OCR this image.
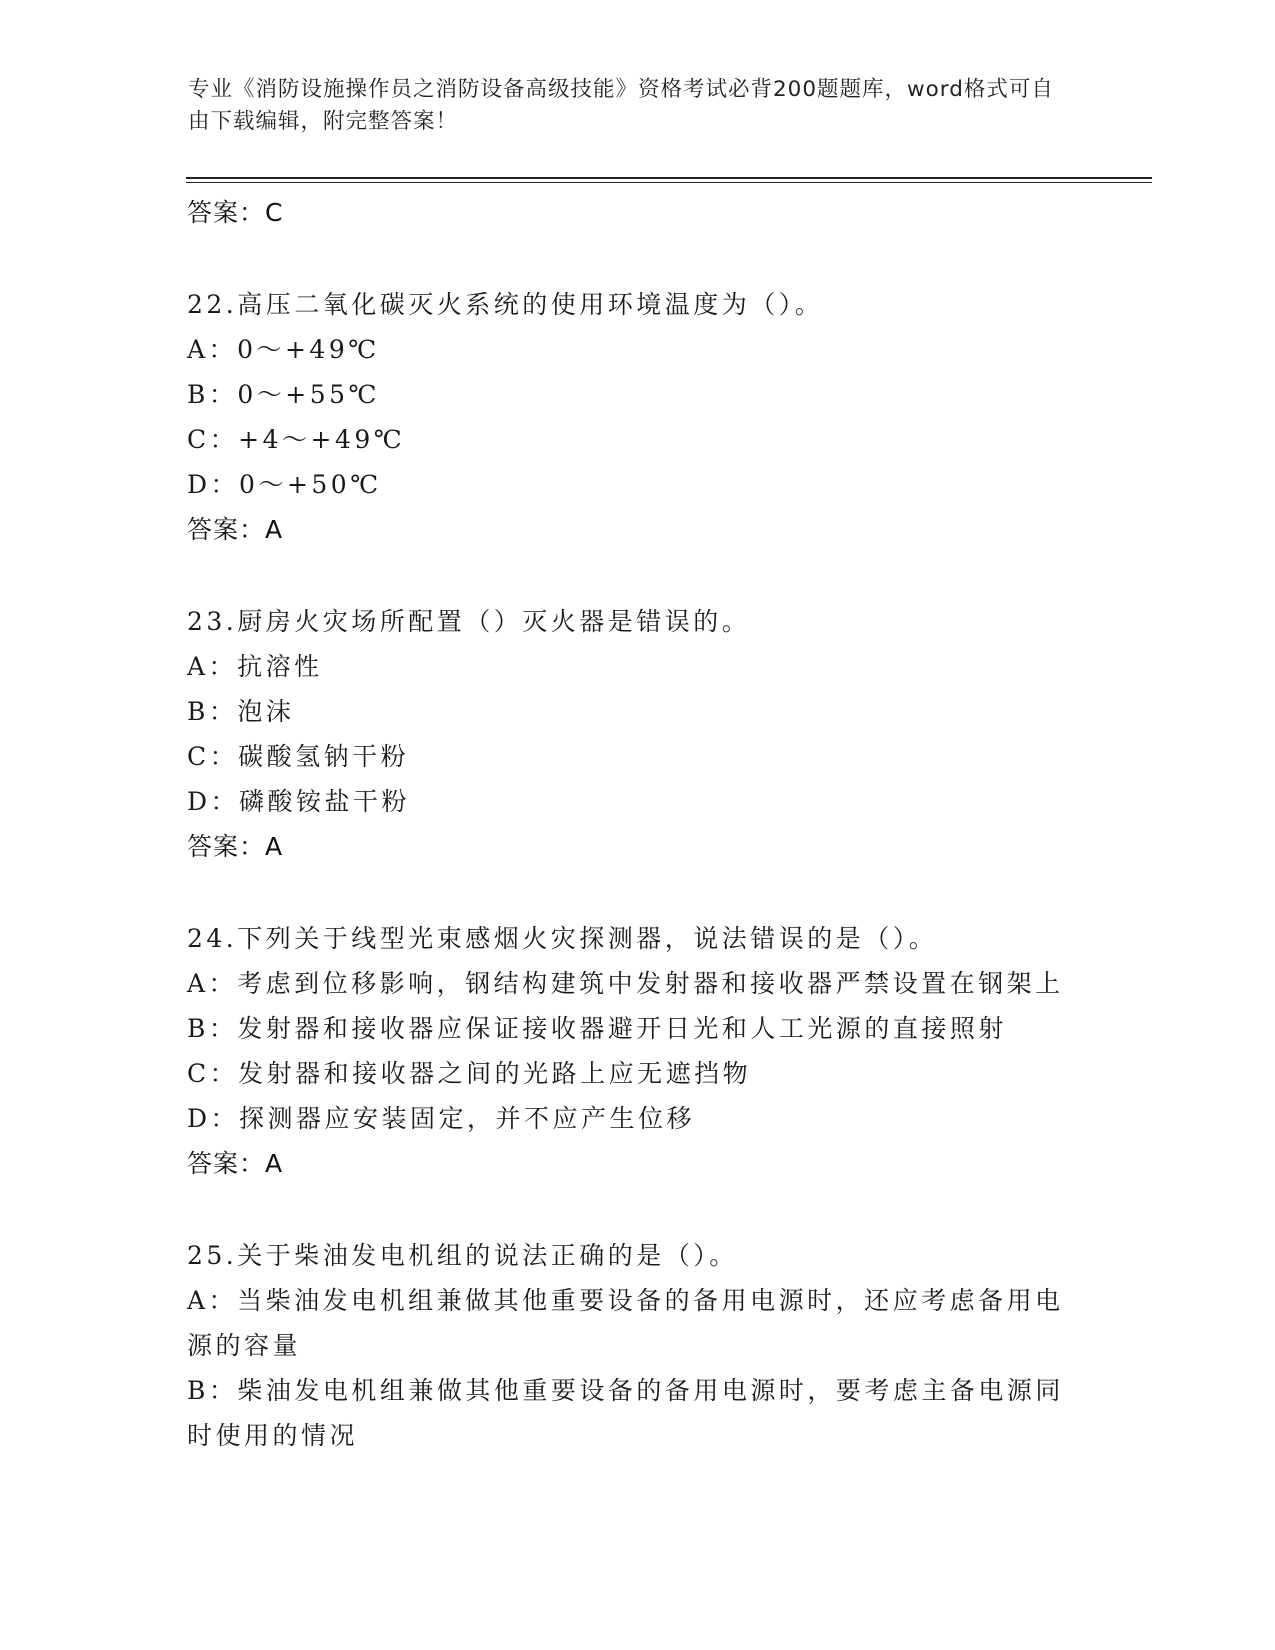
专业《消防设施操作员之消防设备高级技能》资格考试必背200题题库，word格式可自由下载编辑，附完整答案！
答案：C
22.高压二氧化碳灭火系统的使用环境温度为（）。
A：0～+49℃
B：0～+55℃
C：+4～+49℃
D：0～+50℃
答案：A
23.厨房火灾场所配置（）灭火器是错误的。
A：抗溶性
B：泡沫
C：碳酸氢钠干粉
D：磷酸铵盐干粉
答案：A
24.下列关于线型光束感烟火灾探测器，说法错误的是（）。
A：考虑到位移影响，钢结构建筑中发射器和接收器严禁设置在钢架上
B：发射器和接收器应保证接收器避开日光和人工光源的直接照射
C：发射器和接收器之间的光路上应无遮挡物
D：探测器应安装固定，并不应产生位移
答案：A
25.关于柴油发电机组的说法正确的是（）。
A：当柴油发电机组兼做其他重要设备的备用电源时，还应考虑备用电源的容量
B：柴油发电机组兼做其他重要设备的备用电源时，要考虑主备电源同时使用的情况
